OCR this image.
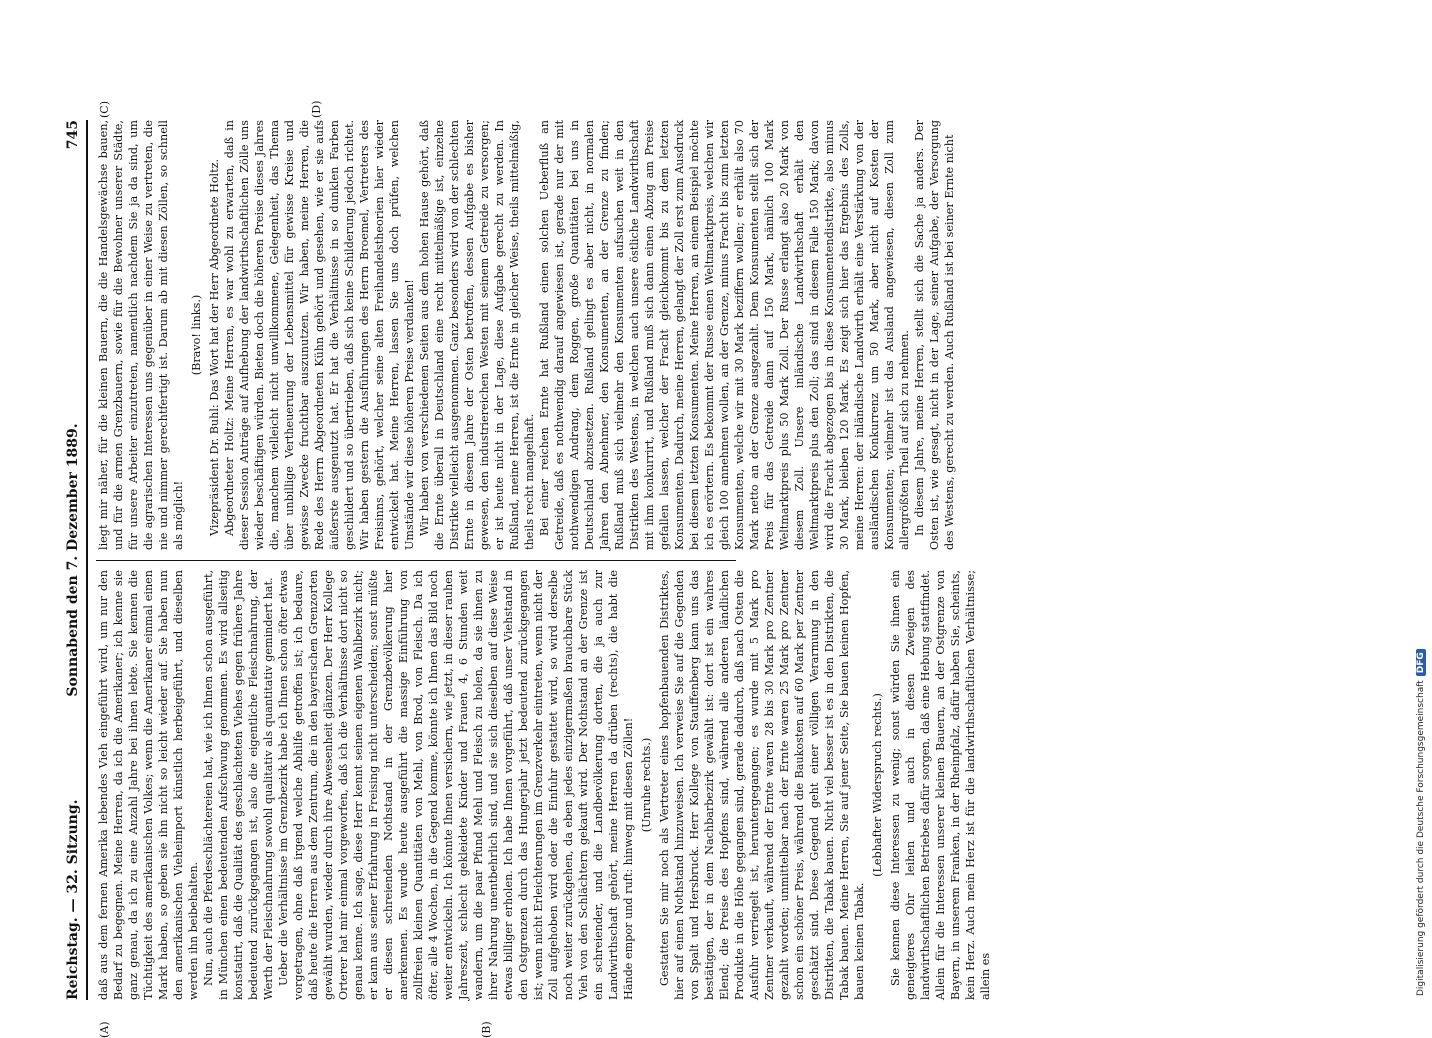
Reichstag. — 32. Sitzung.
Sonnabend den 7. Dezember 1889.
745
(A)	(B)
(C)	(D)

daß aus dem fernen Amerika lebendes Vieh eingeführt wird, um nur den Bedarf zu begegnen. Meine Herren, da ich die Amerikaner; ich kenne sie ganz genau, da ich zu eine Anzahl Jahre bei ihnen lebte. Sie kennen die Tüchtigkeit des amerikanischen Volkes; wenn die Amerikaner einmal einen Markt haben, so geben sie ihn nicht so leicht wieder auf. Sie haben nun den amerikanischen Vieheimport künstlich herbeigeführt, und dieselben werden ihn beibehalten. Nun, auch die Pferdeschlächtereien hat, wie ich Ihnen schon ausgeführt, in München einen bedeutenden Aufschwung genommen. Es wird allseitig konstatirt, daß die Qualität des geschlachteten Viehes gegen frühere Jahre bedeutend zurückgegangen ist, also die eigentliche Fleischnahrung, der Werth der Fleischnahrung sowohl qualitativ als quantitativ gemindert hat. Ueber die Verhältnisse im Grenzbezirk habe ich Ihnen schon öfter etwas vorgetragen, ohne daß irgend welche Abhilfe getroffen ist; ich bedaure, daß heute die Herren aus dem Zentrum, die in den bayerischen Grenzorten gewählt wurden, wieder durch ihre Abwesenheit glänzen. Der Herr Kollege Orterer hat mir einmal vorgeworfen, daß ich die Verhältnisse dort nicht so genau kenne. Ich sage, diese Herr kennt seinen eigenen Wahlbezirk nicht; er kann aus seiner Erfahrung in Freising nicht unterscheiden; sonst müßte er diesen schreienden Nothstand in der Grenzbevölkerung hier anerkennen. Es wurde heute ausgeführt die massige Einführung von zollfreien kleinen Quantitäten von Mehl, von Brod, von Fleisch. Da ich öfter, alle 4 Wochen, in die Gegend komme, könnte ich Ihnen das Bild noch weiter entwickeln. Ich könnte Ihnen versichern, wie jetzt, in dieser rauhen Jahreszeit, schlecht gekleidete Kinder und Frauen 4, 6 Stunden weit wandern, um die paar Pfund Mehl und Fleisch zu holen, da sie ihnen zu ihrer Nahrung unentbehrlich sind, und sie sich dieselben auf diese Weise etwas billiger erholen. Ich habe Ihnen vorgeführt, daß unser Viehstand in den Ostgrenzen durch das Hungerjahr jetzt bedeutend zurückgegangen ist; wenn nicht Erleichterungen im Grenzverkehr eintreten, wenn nicht der Zoll aufgehoben wird oder die Einfuhr gestattet wird, so wird derselbe noch weiter zurückgehen, da eben jedes einzigermaßen brauchbare Stück Vieh von den Schlächtern gekauft wird. Der Nothstand an der Grenze ist ein schreiender, und die Landbevölkerung dorten, die ja auch zur Landwirthschaft gehört, meine Herren da drüben (rechts), die habt die Hände empor und ruft: hinweg mit diesen Zöllen! (Unruhe rechts.) Gestatten Sie mir noch als Vertreter eines hopfenbauenden Distriktes, hier auf einen Nothstand hinzuweisen. Ich verweise Sie auf die Gegenden von Spalt und Hersbruck. Herr Kollege von Stauffenberg kann uns das bestätigen, der in dem Nachbarbezirk gewählt ist: dort ist ein wahres Elend; die Preise des Hopfens sind, während alle anderen ländlichen Produkte in die Höhe gegangen sind, gerade dadurch, daß nach Osten die Ausfuhr verriegelt ist, heruntergegangen; es wurde mit 5 Mark pro Zentner verkauft, während der Ernte waren 28 bis 30 Mark pro Zentner gezahlt worden; unmittelbar nach der Ernte waren 25 Mark pro Zentner schon ein schöner Preis, während die Baukosten auf 60 Mark per Zentner geschätzt sind. Diese Gegend geht einer völligen Verarmung in den Distrikten, die Tabak bauen. Nicht viel besser ist es in den Distrikten, die Tabak bauen. Meine Herren, Sie auf jener Seite, Sie bauen keinen Hopfen, bauen keinen Tabak.

(Lebhafter Widerspruch rechts.) Sie kennen diese Interessen zu wenig; sonst würden Sie ihnen ein geneigteres Ohr leihen und auch in diesen Zweigen des landwirthschaftlichen Betriebes dafür sorgen, daß eine Hebung stattfindet. Allein für die Interessen unserer kleinen Bauern, an der Ostgrenze von Bayern, in unserem Franken, in der Rheinpfalz, dafür haben Sie, scheints, kein Herz. Auch mein Herz ist für die landwirthschaftlichen Verhältnisse; allein es

liegt mir näher, für die kleinen Bauern, die die Handelsgewächse bauen, und für die armen Grenzbauern, sowie für die Bewohner unserer Städte, für unsere Arbeiter einzutreten, namentlich nachdem Sie ja da sind, um die agrarischen Interessen uns gegenüber in einer Weise zu vertreten, die nie und nimmer gerechtfertigt ist. Darum ab mit diesen Zöllen, so schnell als möglich!

(Bravo! links.) Vizepräsident Dr. Buhl: Das Wort hat der Herr Abgeordnete Holtz. Abgeordneter Holtz: Meine Herren, es war wohl zu erwarten, daß in dieser Session Anträge auf Aufhebung der landwirthschaftlichen Zölle uns wieder beschäftigen würden. Bieten doch die höheren Preise dieses Jahres die, manchem vielleicht nicht unwillkommene, Gelegenheit, das Thema über unbillige Vertheuerung der Lebensmittel für gewisse Kreise und gewisse Zwecke fruchtbar auszunutzen. Wir haben, meine Herren, die Rede des Herrn Abgeordneten Kühn gehört und gesehen, wie er sie aufs äußerste ausgenutzt hat. Er hat die Verhältnisse in so dunklen Farben geschildert und so übertrieben, daß sich keine Schilderung jedoch richtet. Wir haben gestern die Ausführungen des Herrn Broemel, Vertreters des Freisinns, gehört, welcher seine alten Freihandelstheorien hier wieder entwickelt hat. Meine Herren, lassen Sie uns doch prüfen, welchen Umstände wir diese höheren Preise verdanken! Wir haben von verschiedenen Seiten aus dem hohen Hause gehört, daß die Ernte überall in Deutschland eine recht mittelmäßige ist, einzelne Distrikte vielleicht ausgenommen. Ganz besonders wird von der schlechten Ernte in diesem Jahre der Osten betroffen, dessen Aufgabe es bisher gewesen, den industriereichen Westen mit seinem Getreide zu versorgen; er ist heute nicht in der Lage, diese Aufgabe gerecht zu werden. In Rußland, meine Herren, ist die Ernte in gleicher Weise, theils mittelmäßig, theils recht mangelhaft. Bei einer reichen Ernte hat Rußland einen solchen Ueberfluß an Getreide, daß es nothwendig darauf angewiesen ist, gerade nur der mit nothwendigen Andrang, dem Roggen, große Quantitäten bei uns in Deutschland abzusetzen. Rußland gelingt es aber nicht, in normalen Jahren den Abnehmer, den Konsumenten, an der Grenze zu finden; Rußland muß sich vielmehr den Konsumenten aufsuchen weit in den Distrikten des Westens, in welchen auch unsere östliche Landwirthschaft mit ihm konkurrirt, und Rußland muß sich dann einen Abzug am Preise gefallen lassen, welcher der Fracht gleichkommt bis zu dem letzten Konsumenten. Dadurch, meine Herren, gelangt der Zoll erst zum Ausdruck bei diesem letzten Konsumenten. Meine Herren, an einem Beispiel möchte ich es erörtern. Es bekommt der Russe einen Weltmarktpreis, welchen wir gleich 100 annehmen wollen, an der Grenze, minus Fracht bis zum letzten Konsumenten, welche wir mit 30 Mark beziffern wollen; er erhält also 70 Mark netto an der Grenze ausgezahlt. Dem Konsumenten stellt sich der Preis für das Getreide dann auf 150 Mark, nämlich 100 Mark Weltmarktpreis plus 50 Mark Zoll. Der Russe erlangt also 20 Mark von diesem Zoll. Unsere inländische Landwirthschaft erhält den Weltmarktpreis plus den Zoll; das sind in diesem Falle 150 Mark; davon wird die Fracht abgezogen bis in diese Konsumentendistrikte, also minus 30 Mark, bleiben 120 Mark. Es zeigt sich hier das Ergebnis des Zolls, meine Herren: der inländische Landwirth erhält eine Verstärkung von der ausländischen Konkurrenz um 50 Mark, aber nicht auf Kosten der Konsumenten; vielmehr ist das Ausland angewiesen, diesen Zoll zum allergrößten Theil auf sich zu nehmen. In diesem Jahre, meine Herren, stellt sich die Sache ja anders. Der Osten ist, wie gesagt, nicht in der Lage, seiner Aufgabe, der Versorgung des Westens, gerecht zu werden. Auch Rußland ist bei seiner Ernte nicht

Digitalisierung gefördert durch die Deutsche ForschungsgemeinschaftDFG
